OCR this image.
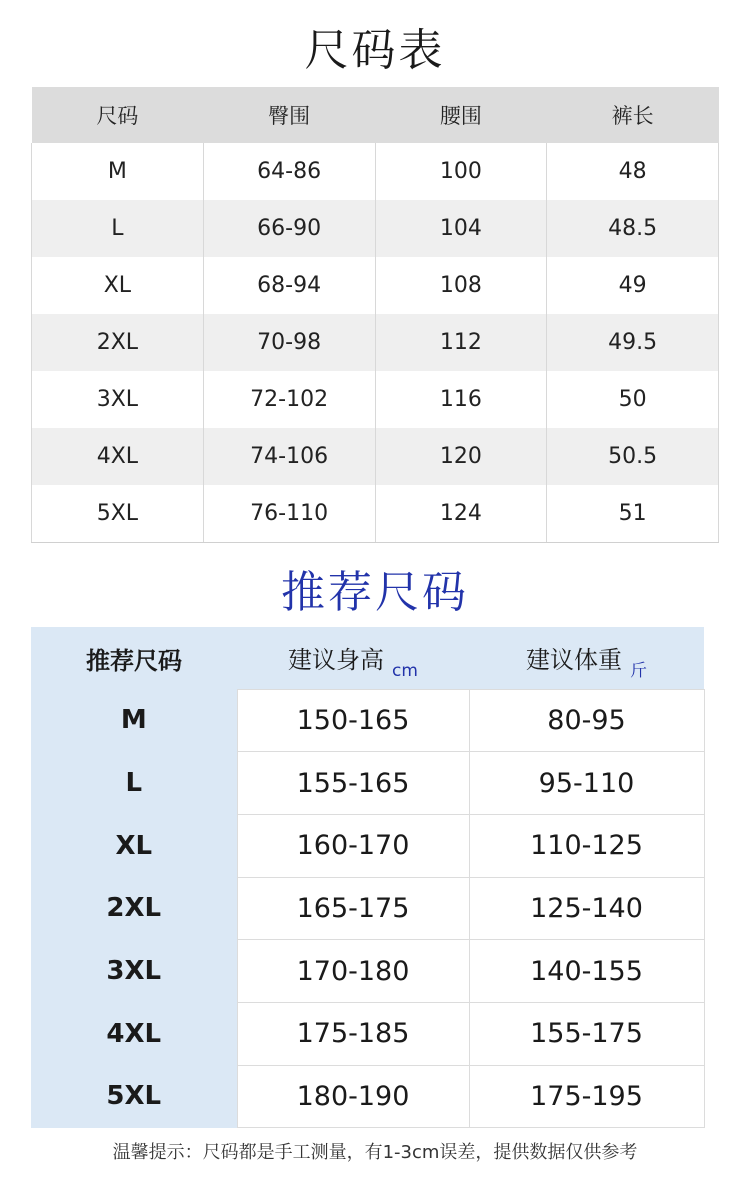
尺码表
尺码	臀围	腰围	裤长
M	64-86	100	48
L	66-90	104	48.5
XL	68-94	108	49
2XL	70-98	112	49.5
3XL	72-102	116	50
4XL	74-106	120	50.5
5XL	76-110	124	51
推荐尺码
推荐尺码	建议身高 $_{cm}$	建议体重 $_斤$
M	150-165	80-95
L	155-165	95-110
XL	160-170	110-125
2XL	165-175	125-140
3XL	170-180	140-155
4XL	175-185	155-175
5XL	180-190	175-195
温馨提示：尺码都是手工测量，有1-3cm误差，提供数据仅供参考
